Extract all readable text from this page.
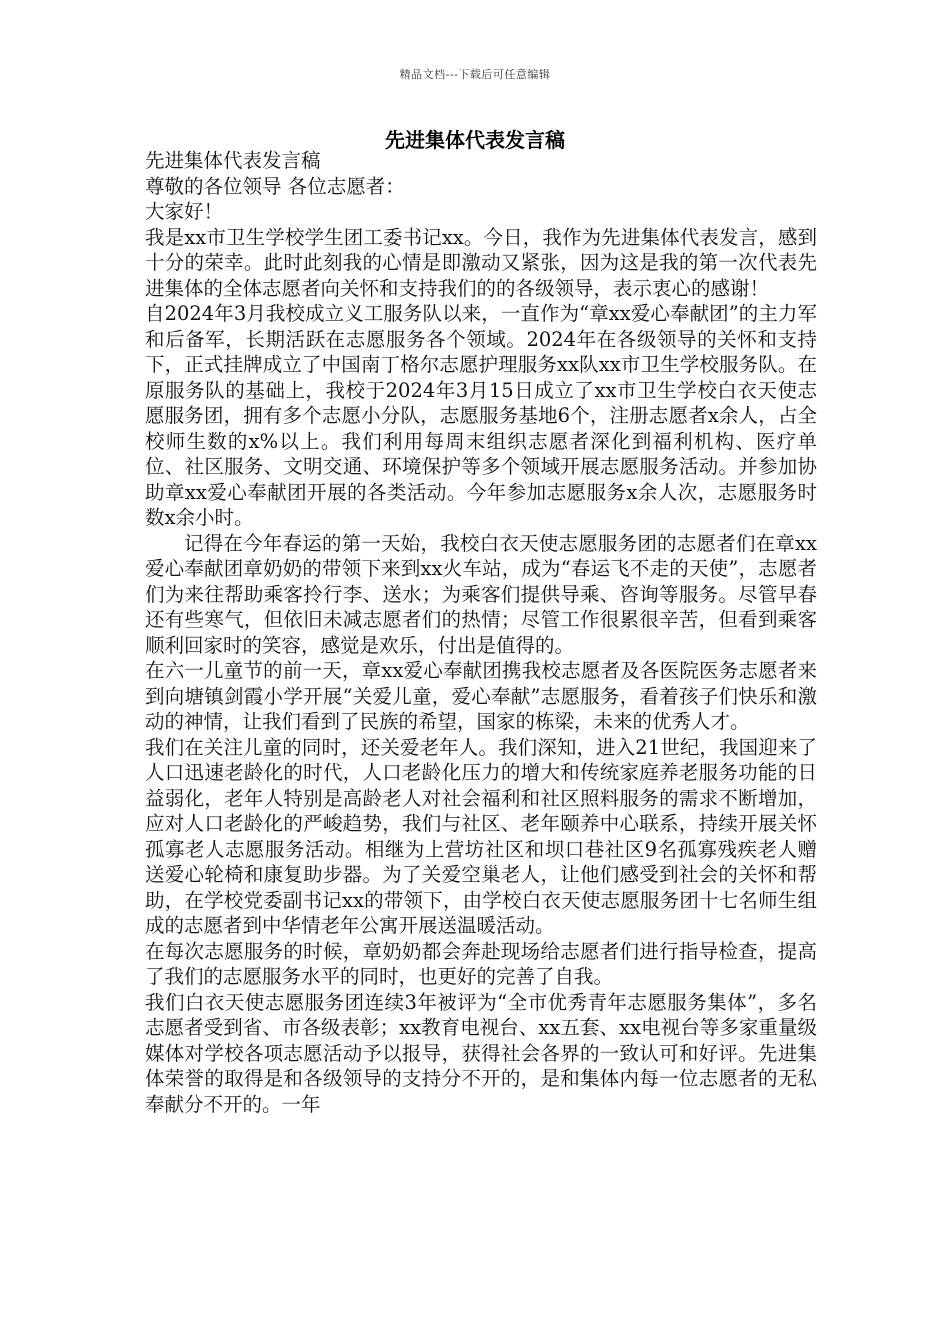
精品文档---下载后可任意编辑
先进集体代表发言稿

先进集体代表发言稿

尊敬的各位领导 各位志愿者：

大家好！

我是xx市卫生学校学生团工委书记xx。今日，我作为先进集体代表发言，感到十分的荣幸。此时此刻我的心情是即激动又紧张，因为这是我的第一次代表先进集体的全体志愿者向关怀和支持我们的的各级领导，表示衷心的感谢！

自2024年3月我校成立义工服务队以来，一直作为“章xx爱心奉献团”的主力军和后备军，长期活跃在志愿服务各个领域。2024年在各级领导的关怀和支持下，正式挂牌成立了中国南丁格尔志愿护理服务xx队xx市卫生学校服务队。在原服务队的基础上，我校于2024年3月15日成立了xx市卫生学校白衣天使志愿服务团，拥有多个志愿小分队，志愿服务基地6个，注册志愿者x余人，占全校师生数的x%以上。我们利用每周末组织志愿者深化到福利机构、医疗单位、社区服务、文明交通、环境保护等多个领域开展志愿服务活动。并参加协助章xx爱心奉献团开展的各类活动。今年参加志愿服务x余人次，志愿服务时数x余小时。

记得在今年春运的第一天始，我校白衣天使志愿服务团的志愿者们在章xx爱心奉献团章奶奶的带领下来到xx火车站，成为“春运飞不走的天使”，志愿者们为来往帮助乘客拎行李、送水；为乘客们提供导乘、咨询等服务。尽管早春还有些寒气，但依旧未减志愿者们的热情；尽管工作很累很辛苦，但看到乘客顺利回家时的笑容，感觉是欢乐，付出是值得的。

在六一儿童节的前一天，章xx爱心奉献团携我校志愿者及各医院医务志愿者来到向塘镇剑霞小学开展“关爱儿童，爱心奉献”志愿服务，看着孩子们快乐和激动的神情，让我们看到了民族的希望，国家的栋梁，未来的优秀人才。

我们在关注儿童的同时，还关爱老年人。我们深知，进入21世纪，我国迎来了人口迅速老龄化的时代，人口老龄化压力的增大和传统家庭养老服务功能的日益弱化，老年人特别是高龄老人对社会福利和社区照料服务的需求不断增加，应对人口老龄化的严峻趋势，我们与社区、老年颐养中心联系，持续开展关怀孤寡老人志愿服务活动。相继为上营坊社区和坝口巷社区9名孤寡残疾老人赠送爱心轮椅和康复助步器。为了关爱空巢老人，让他们感受到社会的关怀和帮助，在学校党委副书记xx的带领下，由学校白衣天使志愿服务团十七名师生组成的志愿者到中华情老年公寓开展送温暖活动。

在每次志愿服务的时候，章奶奶都会奔赴现场给志愿者们进行指导检查，提高了我们的志愿服务水平的同时，也更好的完善了自我。

我们白衣天使志愿服务团连续3年被评为“全市优秀青年志愿服务集体”，多名志愿者受到省、市各级表彰；xx教育电视台、xx五套、xx电视台等多家重量级媒体对学校各项志愿活动予以报导，获得社会各界的一致认可和好评。先进集体荣誉的取得是和各级领导的支持分不开的，是和集体内每一位志愿者的无私奉献分不开的。一年
